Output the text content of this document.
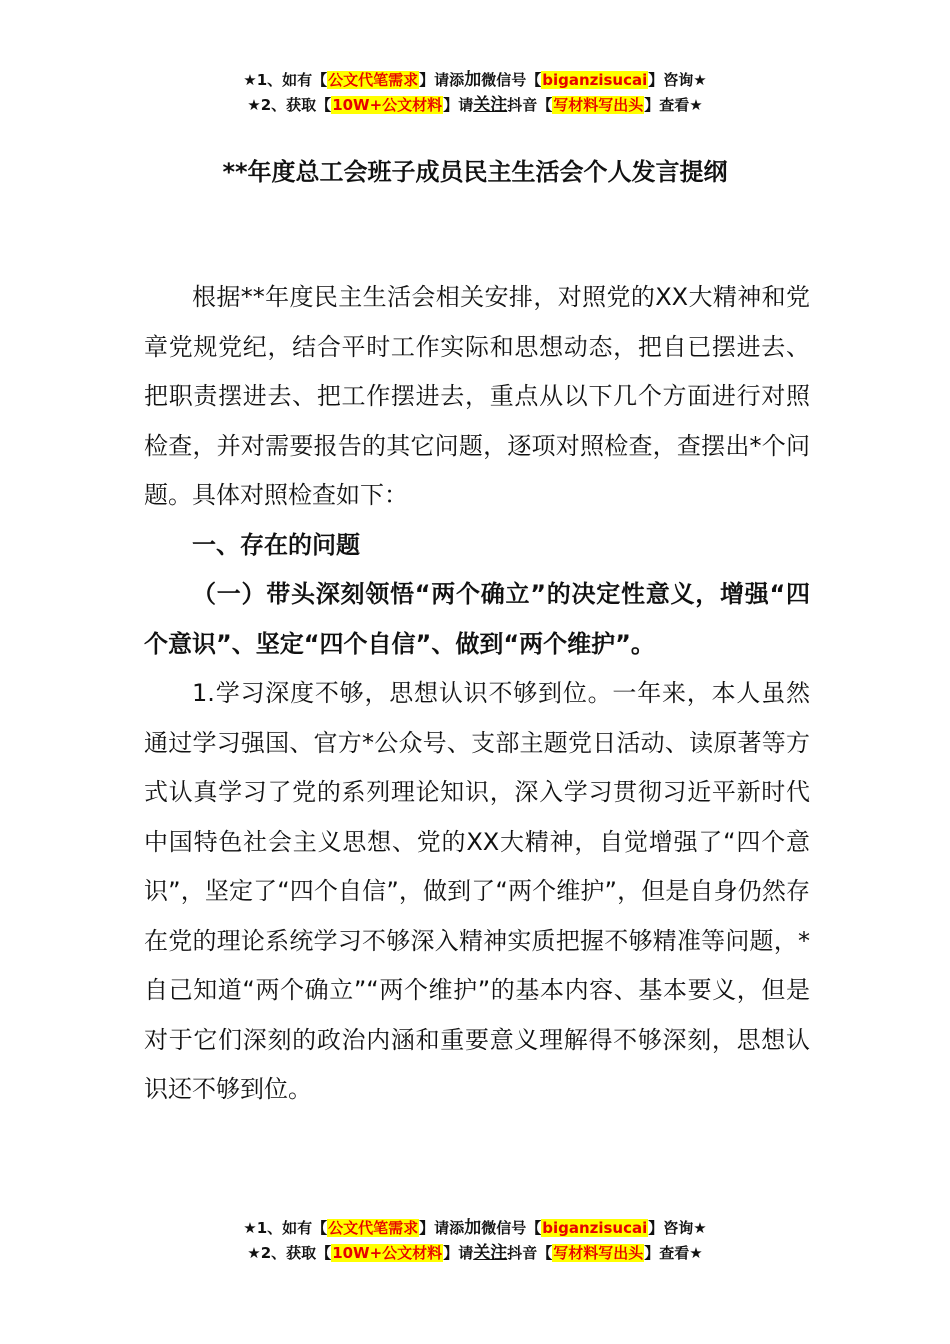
★1、如有【公文代笔需求】请添加微信号【biganzisucai】咨询★
★2、获取【10W+公文材料】请关注抖音【写材料写出头】查看★
**年度总工会班子成员民主生活会个人发言提纲

根据**年度民主生活会相关安排，对照党的XX大精神和党章党规党纪，结合平时工作实际和思想动态，把自已摆进去、把职责摆进去、把工作摆进去，重点从以下几个方面进行对照检查，并对需要报告的其它问题，逐项对照检查，查摆出*个问题。具体对照检查如下：

一、存在的问题

（一）带头深刻领悟“两个确立”的决定性意义，增强“四个意识”、坚定“四个自信”、做到“两个维护”。

1.学习深度不够，思想认识不够到位。一年来，本人虽然通过学习强国、官方*公众号、支部主题党日活动、读原著等方式认真学习了党的系列理论知识，深入学习贯彻习近平新时代中国特色社会主义思想、党的XX大精神，自觉增强了“四个意识”，坚定了“四个自信”，做到了“两个维护”，但是自身仍然存在党的理论系统学习不够深入精神实质把握不够精准等问题，*自己知道“两个确立”“两个维护”的基本内容、基本要义，但是对于它们深刻的政治内涵和重要意义理解得不够深刻，思想认识还不够到位。

★1、如有【公文代笔需求】请添加微信号【biganzisucai】咨询★
★2、获取【10W+公文材料】请关注抖音【写材料写出头】查看★
